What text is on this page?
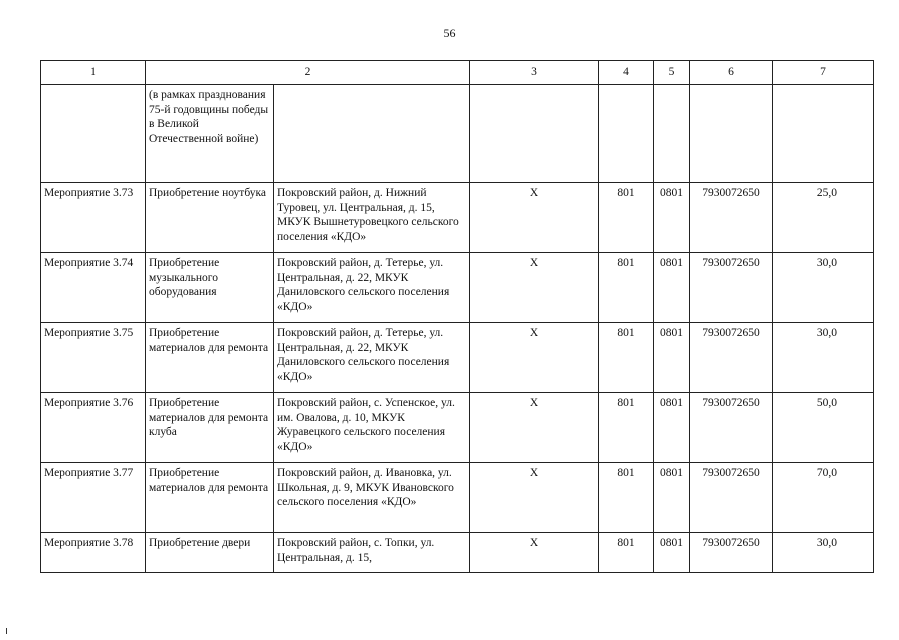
56
1	2		3	4	5	6	7
	(в рамках празднования 75-й годовщины победы в Великой Отечественной войне)						
Мероприятие 3.73	Приобретение ноутбука	Покровский район, д. Нижний Туровец, ул. Центральная, д. 15, МКУК Вышнетуровецкого сельского поселения «КДО»	X	801	0801	7930072650	25,0
Мероприятие 3.74	Приобретение музыкального оборудования	Покровский район, д. Тетерье, ул. Центральная, д. 22, МКУК Даниловского сельского поселения «КДО»	X	801	0801	7930072650	30,0
Мероприятие 3.75	Приобретение материалов для ремонта	Покровский район, д. Тетерье, ул. Центральная, д. 22, МКУК Даниловского сельского поселения «КДО»	X	801	0801	7930072650	30,0
Мероприятие 3.76	Приобретение материалов для ремонта клуба	Покровский район, с. Успенское, ул. им. Овалова, д. 10, МКУК Журавецкого сельского поселения «КДО»	X	801	0801	7930072650	50,0
Мероприятие 3.77	Приобретение материалов для ремонта	Покровский район, д. Ивановка, ул. Школьная, д. 9, МКУК Ивановского сельского поселения «КДО»	X	801	0801	7930072650	70,0
Мероприятие 3.78	Приобретение двери	Покровский район, с. Топки, ул. Центральная, д. 15,	X	801	0801	7930072650	30,0
